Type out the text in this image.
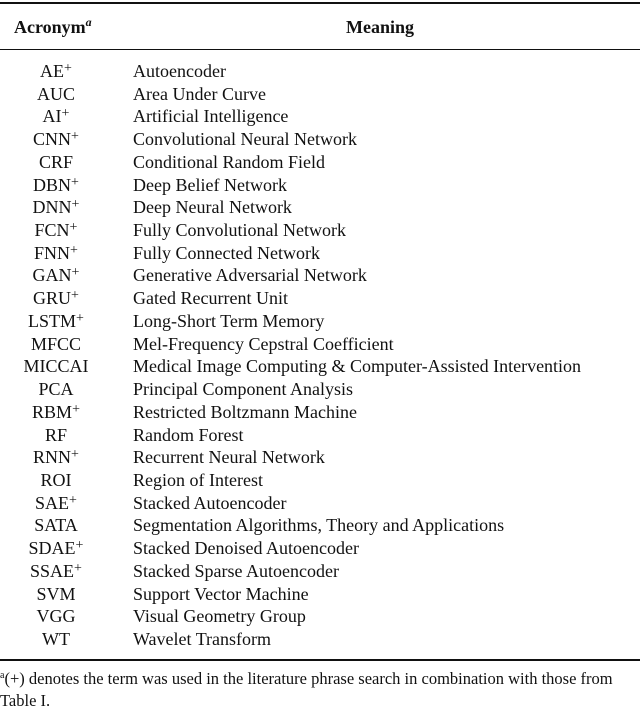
Acronym$^a$	Meaning
AE+	Autoencoder
AUC	Area Under Curve
AI+	Artificial Intelligence
CNN+	Convolutional Neural Network
CRF	Conditional Random Field
DBN+	Deep Belief Network
DNN+	Deep Neural Network
FCN+	Fully Convolutional Network
FNN+	Fully Connected Network
GAN+	Generative Adversarial Network
GRU+	Gated Recurrent Unit
LSTM+	Long-Short Term Memory
MFCC	Mel-Frequency Cepstral Coefficient
MICCAI	Medical Image Computing & Computer-Assisted Intervention
PCA	Principal Component Analysis
RBM+	Restricted Boltzmann Machine
RF	Random Forest
RNN+	Recurrent Neural Network
ROI	Region of Interest
SAE+	Stacked Autoencoder
SATA	Segmentation Algorithms, Theory and Applications
SDAE+	Stacked Denoised Autoencoder
SSAE+	Stacked Sparse Autoencoder
SVM	Support Vector Machine
VGG	Visual Geometry Group
WT	Wavelet Transform
$^a$(+) denotes the term was used in the literature phrase search in combination with those from Table I.
